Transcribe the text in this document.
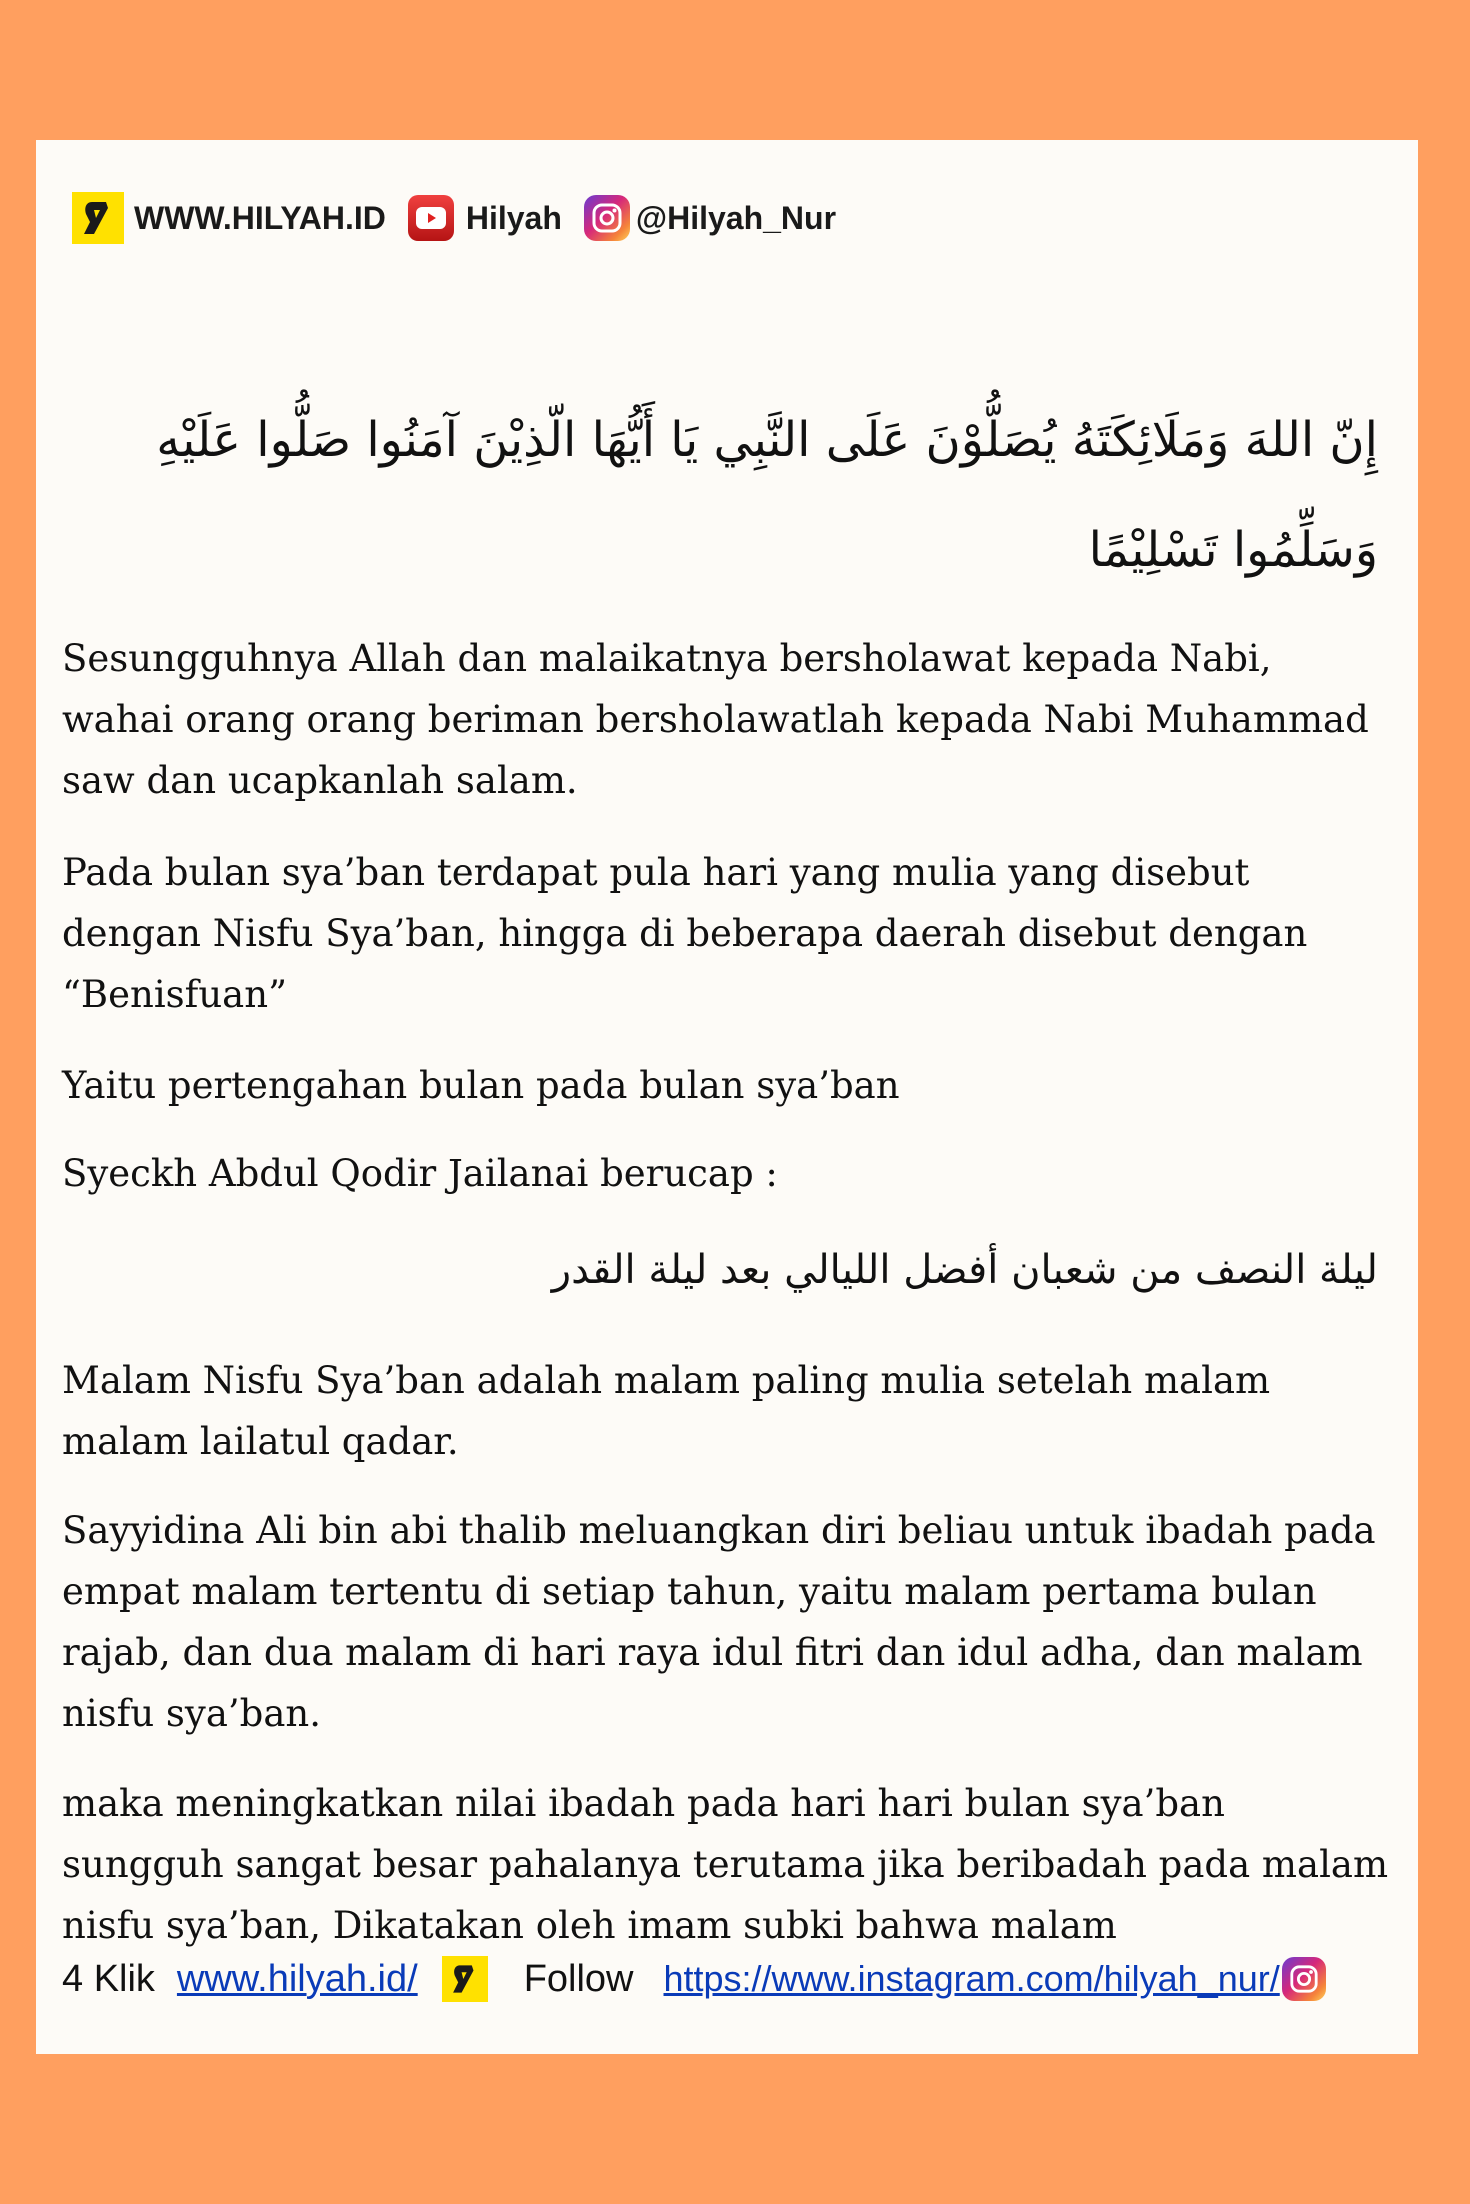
WWW.HILYAH.ID	Hilyah @Hilyah_Nur
إِنّ اللهَ وَمَلَائِكَتَهُ يُصَلُّوْنَ عَلَى النَّبِي يَا أَيُّهَا الّذِيْنَ آمَنُوا صَلُّوا عَلَيْهِ وَسَلِّمُوا تَسْلِيْمًا

Sesungguhnya Allah dan malaikatnya bersholawat kepada Nabi, wahai orang orang beriman bersholawatlah kepada Nabi Muhammad saw dan ucapkanlah salam.

Pada bulan sya’ban terdapat pula hari yang mulia yang disebut dengan Nisfu Sya’ban, hingga di beberapa daerah disebut dengan “Benisfuan”

Yaitu pertengahan bulan pada bulan sya’ban

Syeckh Abdul Qodir Jailanai berucap :

ليلة النصف من شعبان أفضل الليالي بعد ليلة القدر

Malam Nisfu Sya’ban adalah malam paling mulia setelah malam malam lailatul qadar.

Sayyidina Ali bin abi thalib meluangkan diri beliau untuk ibadah pada empat malam tertentu di setiap tahun, yaitu malam pertama bulan rajab, dan dua malam di hari raya idul fitri dan idul adha, dan malam nisfu sya’ban.

maka meningkatkan nilai ibadah pada hari hari bulan sya’ban sungguh sangat besar pahalanya terutama jika beribadah pada malam nisfu sya’ban, Dikatakan oleh imam subki bahwa malam

4 Klik www.hilyah.id/	Follow https://www.instagram.com/hilyah_nur/
